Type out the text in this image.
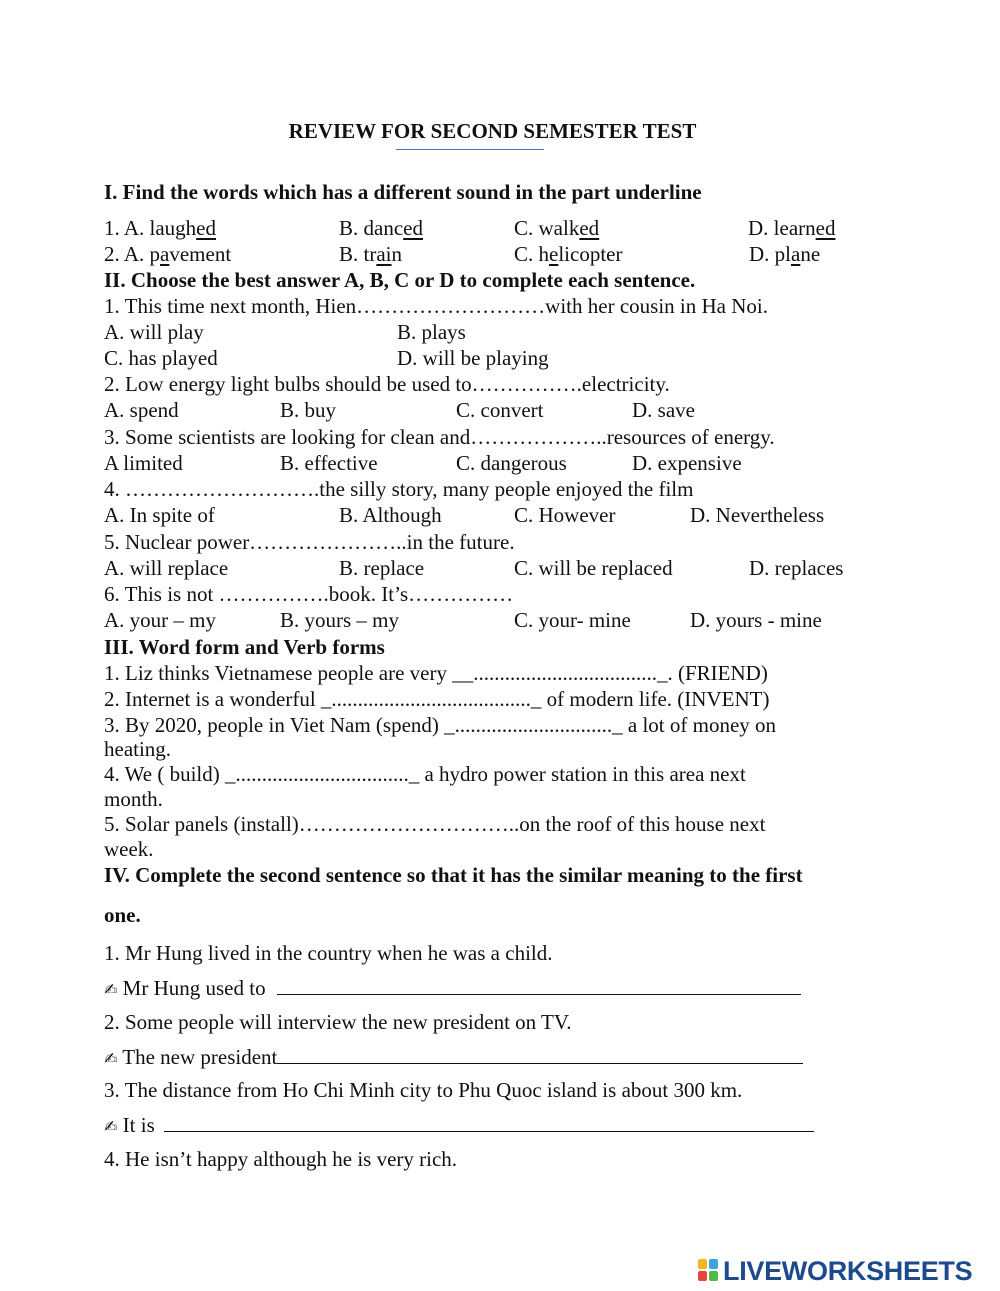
REVIEW FOR SECOND SEMESTER TEST
I. Find the words which has a different sound in the part underline
1. A. laughed	B. danced	C. walked	D. learned
2. A. pavement	B. train	C. helicopter	D. plane
II. Choose the best answer A, B, C or D to complete each sentence.
1. This time next month, Hien………………………with her cousin in Ha Noi.
A. will play	B. plays
C. has played	D. will be playing
2. Low energy light bulbs should be used to…………….electricity.
A. spend	B. buy	C. convert	D. save
3. Some scientists are looking for clean and………………..resources of energy.
A limited	B. effective	C. dangerous	D. expensive
4. ……………………….the silly story, many people enjoyed the film
A. In spite of	B. Although	C. However	D. Nevertheless
5. Nuclear power…………………..in the future.
A. will replace	B. replace	C. will be replaced	D. replaces
6. This is not …………….book. It’s……………
A. your – my	B. yours – my	C. your- mine	D. yours - mine
III. Word form and Verb forms
1. Liz thinks Vietnamese people are very __..................................._. (FRIEND)
2. Internet is a wonderful _......................................_ of modern life. (INVENT)
3. By 2020, people in Viet Nam (spend) _.............................._ a lot of money on
heating.
4. We ( build) _................................._ a hydro power station in this area next
month.
5. Solar panels (install)…………………………..on the roof of this house next
week.
IV. Complete the second sentence so that it has the similar meaning to the first
one.
1. Mr Hung lived in the country when he was a child.
✍ Mr Hung used to
2. Some people will interview the new president on TV.
✍ The new president
3. The distance from Ho Chi Minh city to Phu Quoc island is about 300 km.
✍ It is
4. He isn’t happy although he is very rich.
LIVEWORKSHEETS
